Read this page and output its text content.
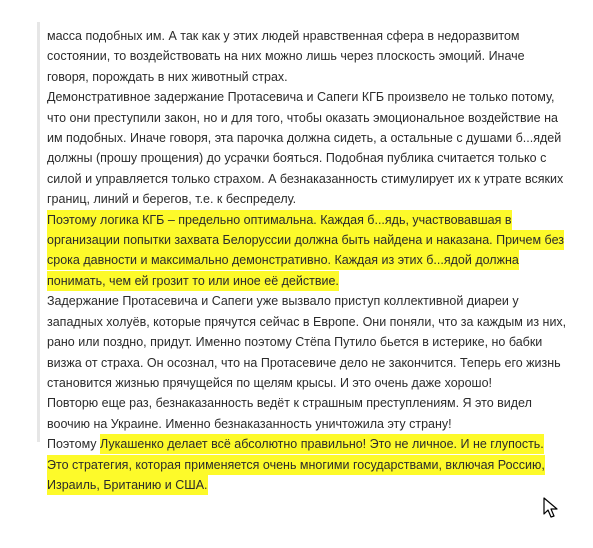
масса подобных им. А так как у этих людей нравственная сфера в недоразвитом состоянии, то воздействовать на них можно лишь через плоскость эмоций. Иначе говоря, порождать в них животный страх.
Демонстративное задержание Протасевича и Сапеги КГБ произвело не только потому, что они преступили закон, но и для того, чтобы оказать эмоциональное воздействие на им подобных. Иначе говоря, эта парочка должна сидеть, а остальные с душами б...ядей должны (прошу прощения) до усрачки бояться. Подобная публика считается только с силой и управляется только страхом. А безнаказанность стимулирует их к утрате всяких границ, линий и берегов, т.е. к беспределу.

Поэтому логика КГБ – предельно оптимальна. Каждая б...ядь, участвовавшая в организации попытки захвата Белоруссии должна быть найдена и наказана. Причем без срока давности и максимально демонстративно. Каждая из этих б...ядой должна понимать, чем ей грозит то или иное её действие.

Задержание Протасевича и Сапеги уже вызвало приступ коллективной диареи у западных холуёв, которые прячутся сейчас в Европе. Они поняли, что за каждым из них, рано или поздно, придут. Именно поэтому Стёпа Путило бьется в истерике, но бабки визжа от страха. Он осознал, что на Протасевиче дело не закончится. Теперь его жизнь становится жизнью прячущейся по щелям крысы. И это очень даже хорошо!
Повторю еще раз, безнаказанность ведёт к страшным преступлениям. Я это видел воочию на Украине. Именно безнаказанность уничтожила эту страну!
Поэтому Лукашенко делает всё абсолютно правильно! Это не личное. И не глупость. Это стратегия, которая применяется очень многими государствами, включая Россию, Израиль, Британию и США.
